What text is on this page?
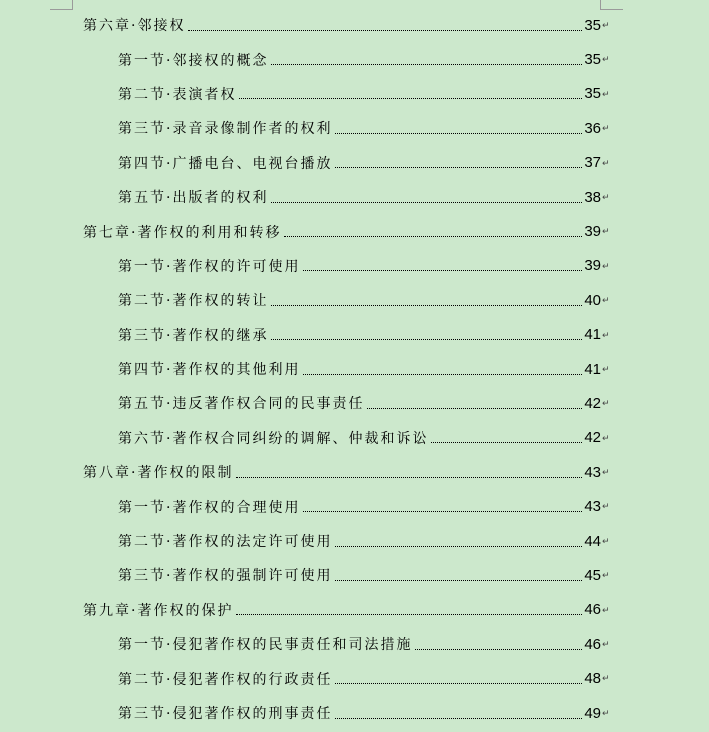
第六章·邻接权	35 ↵
第一节·邻接权的概念	35 ↵
第二节·表演者权	35 ↵
第三节·录音录像制作者的权利	36 ↵
第四节·广播电台、电视台播放	37 ↵
第五节·出版者的权利	38 ↵
第七章·著作权的利用和转移	39 ↵
第一节·著作权的许可使用	39 ↵
第二节·著作权的转让	40 ↵
第三节·著作权的继承	41 ↵
第四节·著作权的其他利用	41 ↵
第五节·违反著作权合同的民事责任	42 ↵
第六节·著作权合同纠纷的调解、仲裁和诉讼	42 ↵
第八章·著作权的限制	43 ↵
第一节·著作权的合理使用	43 ↵
第二节·著作权的法定许可使用	44 ↵
第三节·著作权的强制许可使用	45 ↵
第九章·著作权的保护	46 ↵
第一节·侵犯著作权的民事责任和司法措施	46 ↵
第二节·侵犯著作权的行政责任	48 ↵
第三节·侵犯著作权的刑事责任	49 ↵
